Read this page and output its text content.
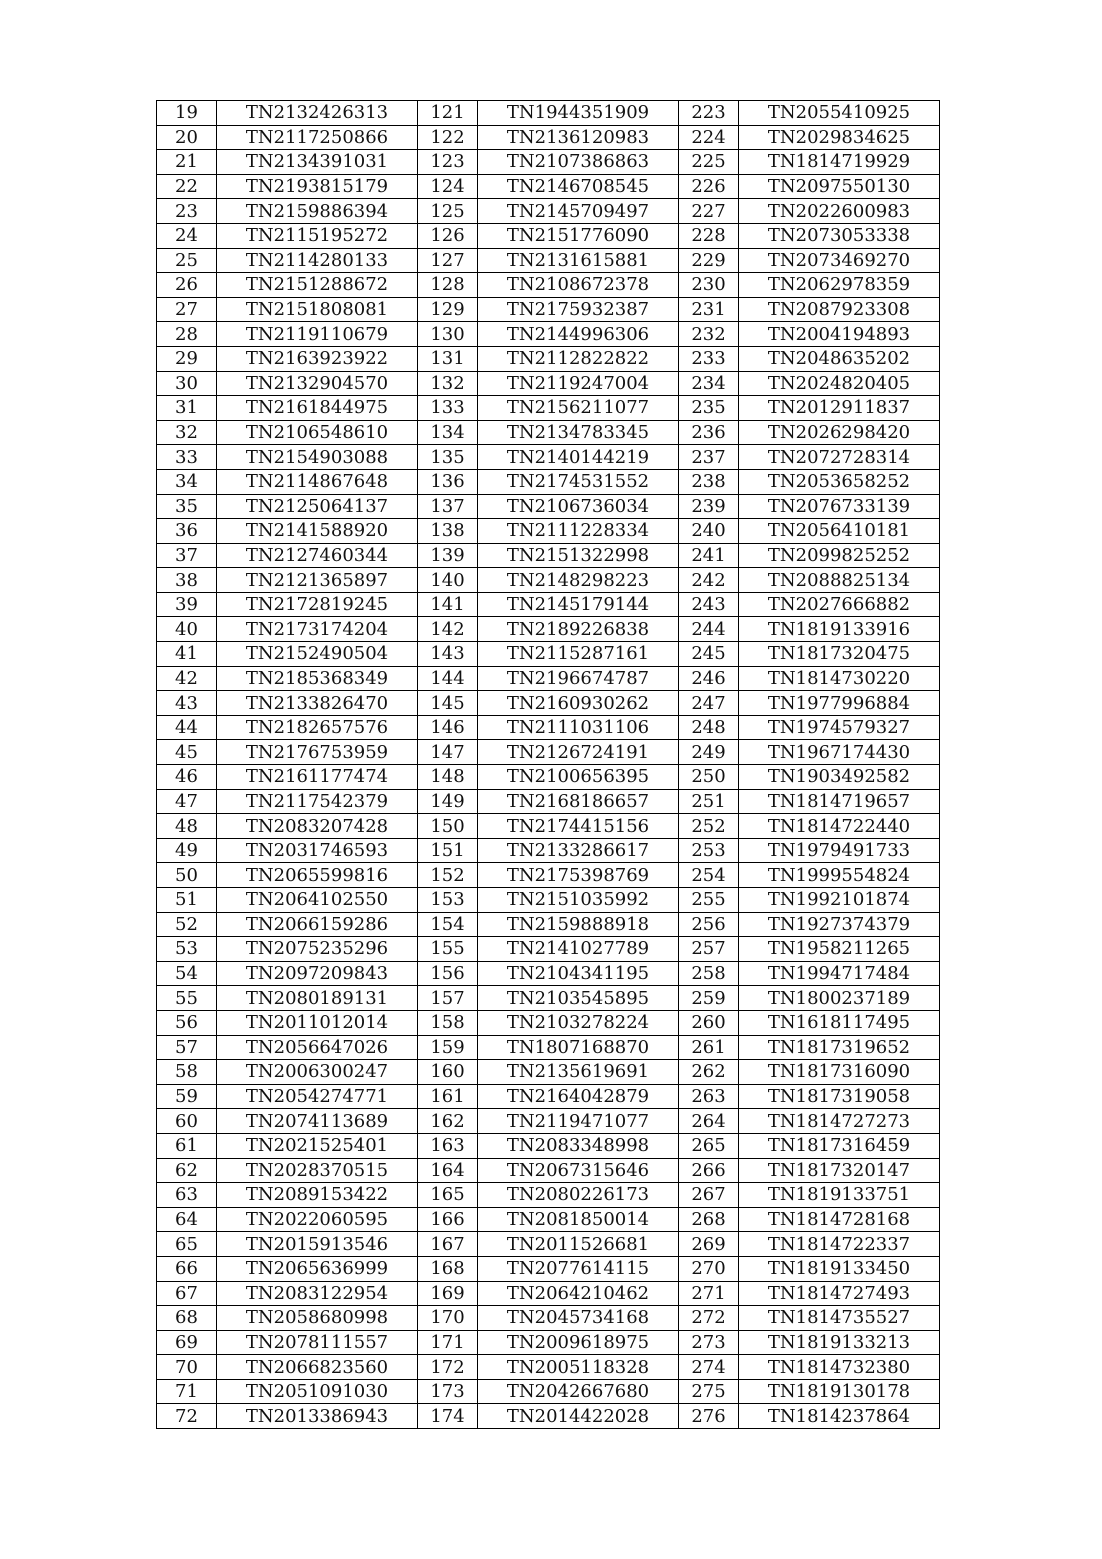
19	TN2132426313	121	TN1944351909	223	TN2055410925
20	TN2117250866	122	TN2136120983	224	TN2029834625
21	TN2134391031	123	TN2107386863	225	TN1814719929
22	TN2193815179	124	TN2146708545	226	TN2097550130
23	TN2159886394	125	TN2145709497	227	TN2022600983
24	TN2115195272	126	TN2151776090	228	TN2073053338
25	TN2114280133	127	TN2131615881	229	TN2073469270
26	TN2151288672	128	TN2108672378	230	TN2062978359
27	TN2151808081	129	TN2175932387	231	TN2087923308
28	TN2119110679	130	TN2144996306	232	TN2004194893
29	TN2163923922	131	TN2112822822	233	TN2048635202
30	TN2132904570	132	TN2119247004	234	TN2024820405
31	TN2161844975	133	TN2156211077	235	TN2012911837
32	TN2106548610	134	TN2134783345	236	TN2026298420
33	TN2154903088	135	TN2140144219	237	TN2072728314
34	TN2114867648	136	TN2174531552	238	TN2053658252
35	TN2125064137	137	TN2106736034	239	TN2076733139
36	TN2141588920	138	TN2111228334	240	TN2056410181
37	TN2127460344	139	TN2151322998	241	TN2099825252
38	TN2121365897	140	TN2148298223	242	TN2088825134
39	TN2172819245	141	TN2145179144	243	TN2027666882
40	TN2173174204	142	TN2189226838	244	TN1819133916
41	TN2152490504	143	TN2115287161	245	TN1817320475
42	TN2185368349	144	TN2196674787	246	TN1814730220
43	TN2133826470	145	TN2160930262	247	TN1977996884
44	TN2182657576	146	TN2111031106	248	TN1974579327
45	TN2176753959	147	TN2126724191	249	TN1967174430
46	TN2161177474	148	TN2100656395	250	TN1903492582
47	TN2117542379	149	TN2168186657	251	TN1814719657
48	TN2083207428	150	TN2174415156	252	TN1814722440
49	TN2031746593	151	TN2133286617	253	TN1979491733
50	TN2065599816	152	TN2175398769	254	TN1999554824
51	TN2064102550	153	TN2151035992	255	TN1992101874
52	TN2066159286	154	TN2159888918	256	TN1927374379
53	TN2075235296	155	TN2141027789	257	TN1958211265
54	TN2097209843	156	TN2104341195	258	TN1994717484
55	TN2080189131	157	TN2103545895	259	TN1800237189
56	TN2011012014	158	TN2103278224	260	TN1618117495
57	TN2056647026	159	TN1807168870	261	TN1817319652
58	TN2006300247	160	TN2135619691	262	TN1817316090
59	TN2054274771	161	TN2164042879	263	TN1817319058
60	TN2074113689	162	TN2119471077	264	TN1814727273
61	TN2021525401	163	TN2083348998	265	TN1817316459
62	TN2028370515	164	TN2067315646	266	TN1817320147
63	TN2089153422	165	TN2080226173	267	TN1819133751
64	TN2022060595	166	TN2081850014	268	TN1814728168
65	TN2015913546	167	TN2011526681	269	TN1814722337
66	TN2065636999	168	TN2077614115	270	TN1819133450
67	TN2083122954	169	TN2064210462	271	TN1814727493
68	TN2058680998	170	TN2045734168	272	TN1814735527
69	TN2078111557	171	TN2009618975	273	TN1819133213
70	TN2066823560	172	TN2005118328	274	TN1814732380
71	TN2051091030	173	TN2042667680	275	TN1819130178
72	TN2013386943	174	TN2014422028	276	TN1814237864
